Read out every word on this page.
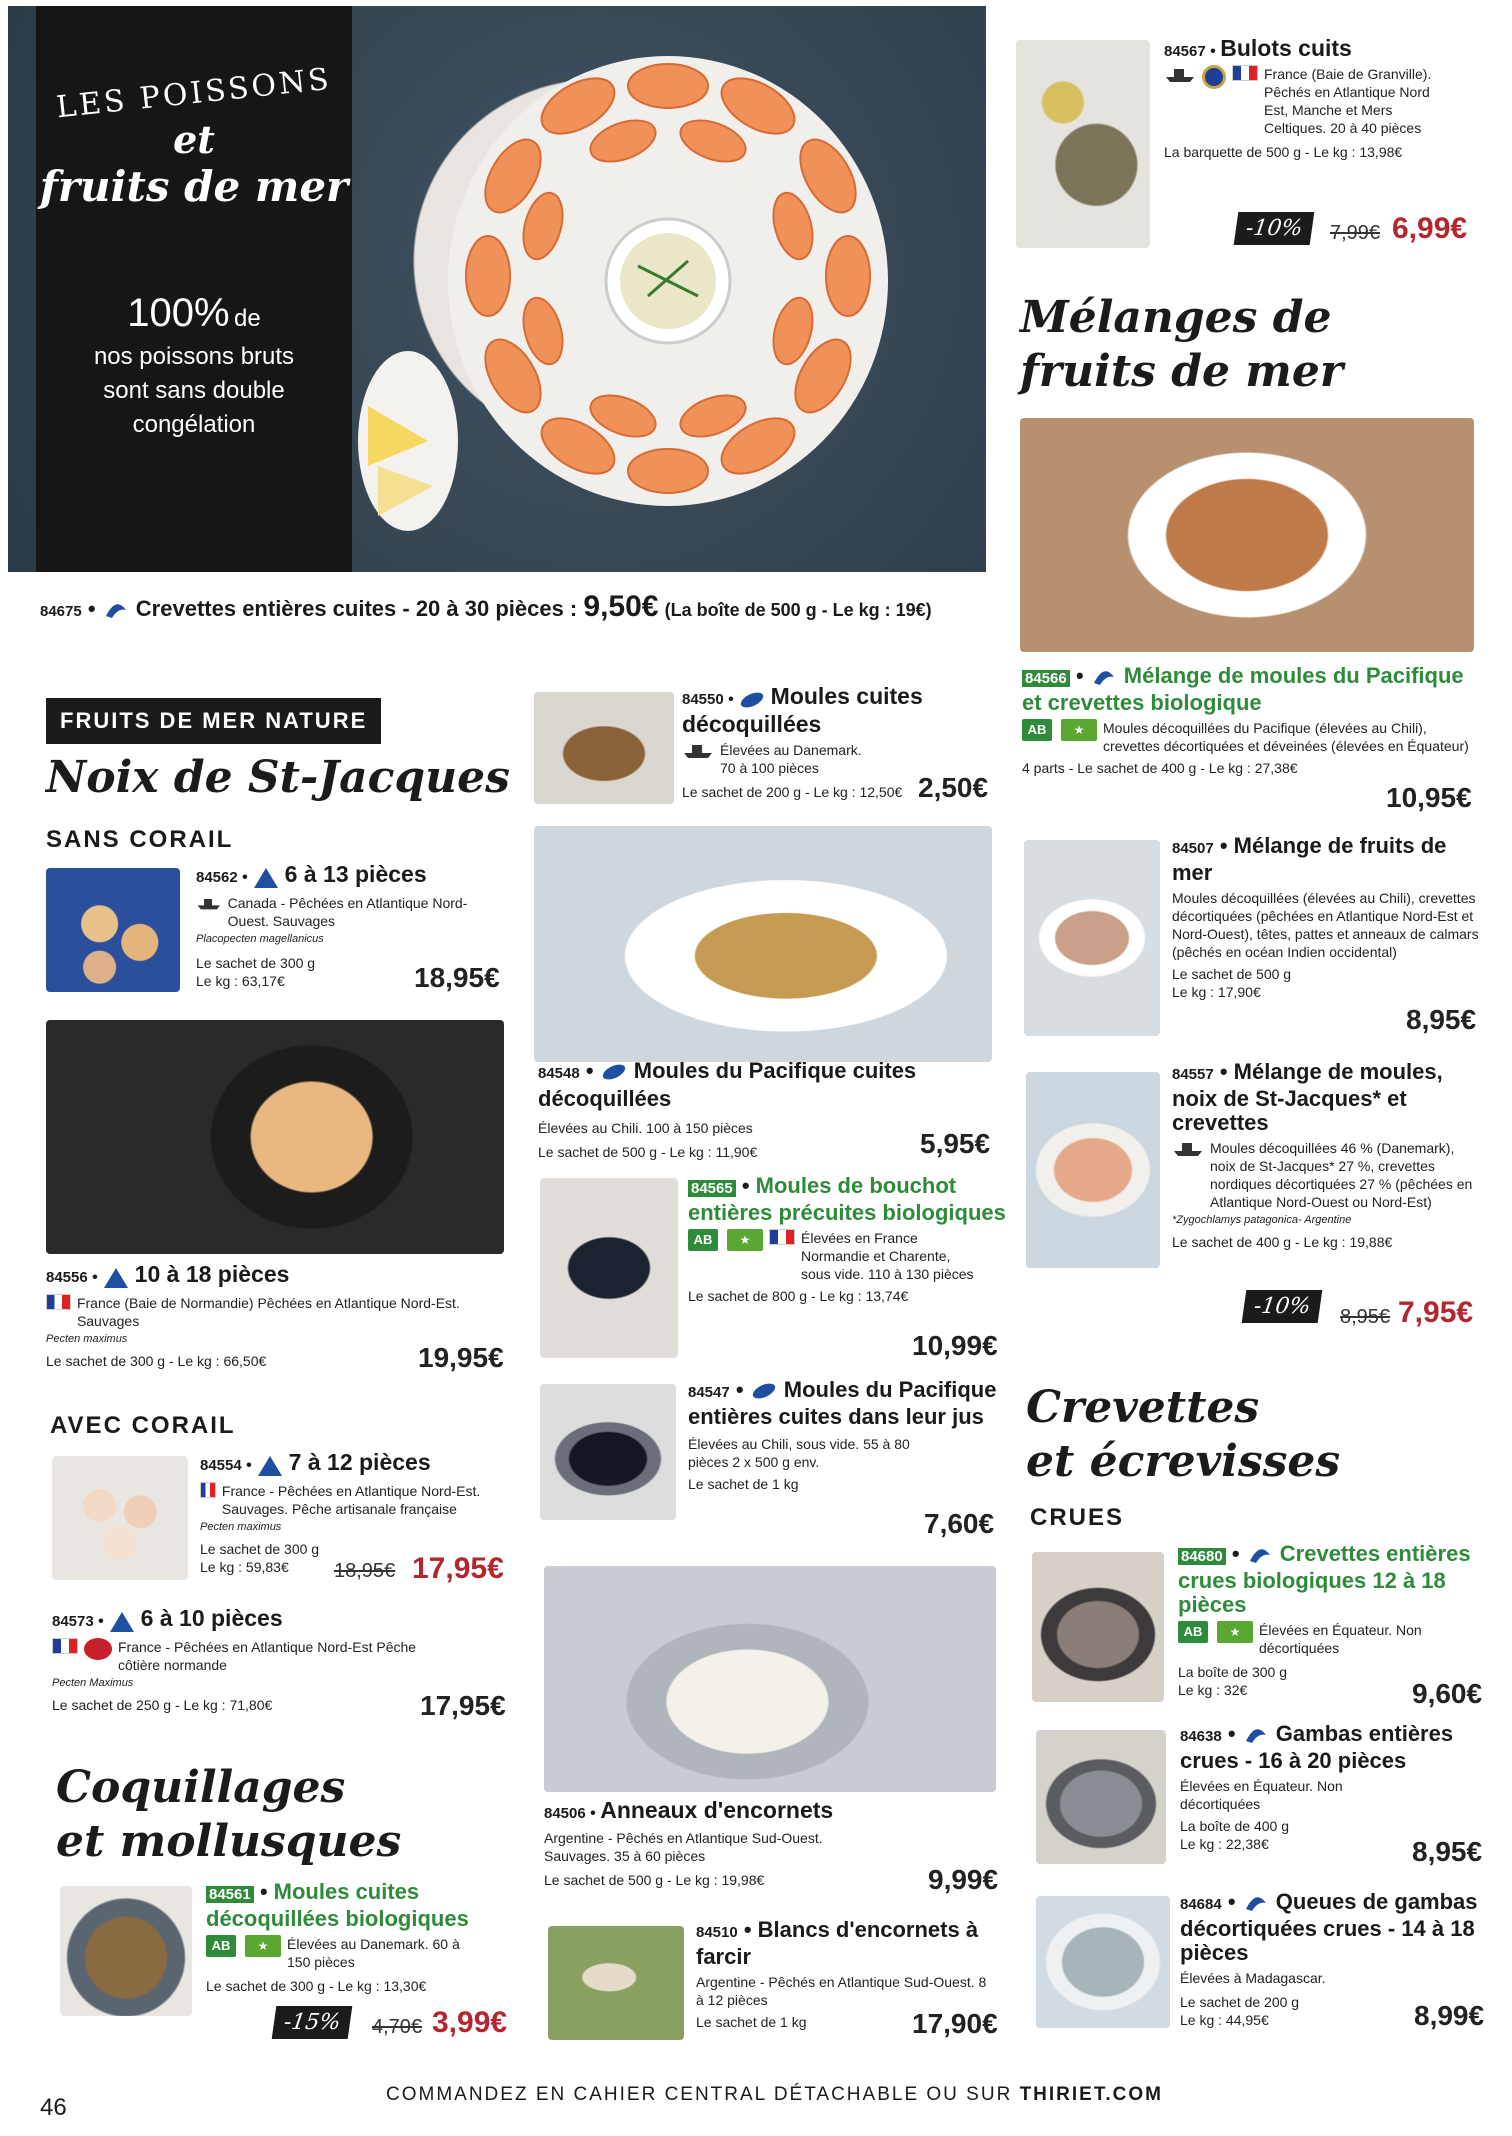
LES POISSONS
et
fruits de mer
100% de
nos poissons bruts sont sans double congélation
84675 •  Crevettes entières cuites - 20 à 30 pièces : 9,50€ (La boîte de 500 g - Le kg : 19€)
FRUITS DE MER NATURE
Noix de St-Jacques
SANS CORAIL
84562 •  6 à 13 pièces
Canada - Pêchées en Atlantique Nord-Ouest. Sauvages
Placopecten magellanicus
Le sachet de 300 g
Le kg : 63,17€	18,95€
84556 •  10 à 18 pièces
France (Baie de Normandie) Pêchées en Atlantique Nord-Est. Sauvages
Pecten maximus
Le sachet de 300 g - Le kg : 66,50€	19,95€
AVEC CORAIL
84554 •  7 à 12 pièces
France - Pêchées en Atlantique Nord-Est. Sauvages. Pêche artisanale française
Pecten maximus
Le sachet de 300 g
Le kg : 59,83€	18,95€ 17,95€
84573 •  6 à 10 pièces
France - Pêchées en Atlantique Nord-Est Pêche côtière normande
Pecten Maximus
Le sachet de 250 g - Le kg : 71,80€	17,95€
Coquillages
et mollusques
84561 • Moules cuites décoquillées biologiques
AB	★	Élevées au Danemark. 60 à 150 pièces
Le sachet de 300 g - Le kg : 13,30€
-15%	4,70€ 3,99€
84550 •  Moules cuites décoquillées
Élevées au Danemark. 70 à 100 pièces
Le sachet de 200 g - Le kg : 12,50€ 2,50€
84548 •  Moules du Pacifique cuites décoquillées
Élevées au Chili. 100 à 150 pièces
Le sachet de 500 g - Le kg : 11,90€	5,95€
84565 • Moules de bouchot entières précuites biologiques
AB	★	Élevées en France Normandie et Charente, sous vide. 110 à 130 pièces
Le sachet de 800 g - Le kg : 13,74€
10,99€
84547 •  Moules du Pacifique entières cuites dans leur jus
Élevées au Chili, sous vide. 55 à 80 pièces 2 x 500 g env.
Le sachet de 1 kg
7,60€
84506 • Anneaux d'encornets
Argentine - Pêchés en Atlantique Sud-Ouest. Sauvages. 35 à 60 pièces
Le sachet de 500 g - Le kg : 19,98€	9,99€
84510 • Blancs d'encornets à farcir
Argentine - Pêchés en Atlantique Sud-Ouest. 8 à 12 pièces
Le sachet de 1 kg	17,90€
84567 • Bulots cuits
France (Baie de Granville). Pêchés en Atlantique Nord Est, Manche et Mers Celtiques. 20 à 40 pièces
La barquette de 500 g - Le kg : 13,98€
-10%	7,99€ 6,99€
Mélanges de
fruits de mer
84566 •  Mélange de moules du Pacifique et crevettes biologique
AB	★	Moules décoquillées du Pacifique (élevées au Chili), crevettes décortiquées et déveinées (élevées en Équateur)
4 parts - Le sachet de 400 g - Le kg : 27,38€
10,95€
84507 • Mélange de fruits de mer
Moules décoquillées (élevées au Chili), crevettes décortiquées (pêchées en Atlantique Nord-Est et Nord-Ouest), têtes, pattes et anneaux de calmars (pêchés en océan Indien occidental)
Le sachet de 500 g
Le kg : 17,90€
8,95€
84557 • Mélange de moules, noix de St-Jacques* et crevettes
Moules décoquillées 46 % (Danemark), noix de St-Jacques* 27 %, crevettes nordiques décortiquées 27 % (pêchées en Atlantique Nord-Ouest ou Nord-Est)
*Zygochlamys patagonica- Argentine
Le sachet de 400 g - Le kg : 19,88€
-10%	8,95€ 7,95€
Crevettes
et écrevisses
CRUES
84680 •  Crevettes entières crues biologiques 12 à 18 pièces
AB	★	Élevées en Équateur. Non décortiquées
La boîte de 300 g
Le kg : 32€	9,60€
84638 •  Gambas entières crues - 16 à 20 pièces
Élevées en Équateur. Non décortiquées
La boîte de 400 g
Le kg : 22,38€	8,95€
84684 •  Queues de gambas décortiquées crues - 14 à 18 pièces
Élevées à Madagascar.
Le sachet de 200 g
Le kg : 44,95€	8,99€
46	COMMANDEZ EN CAHIER CENTRAL DÉTACHABLE OU SUR THIRIET.COM
